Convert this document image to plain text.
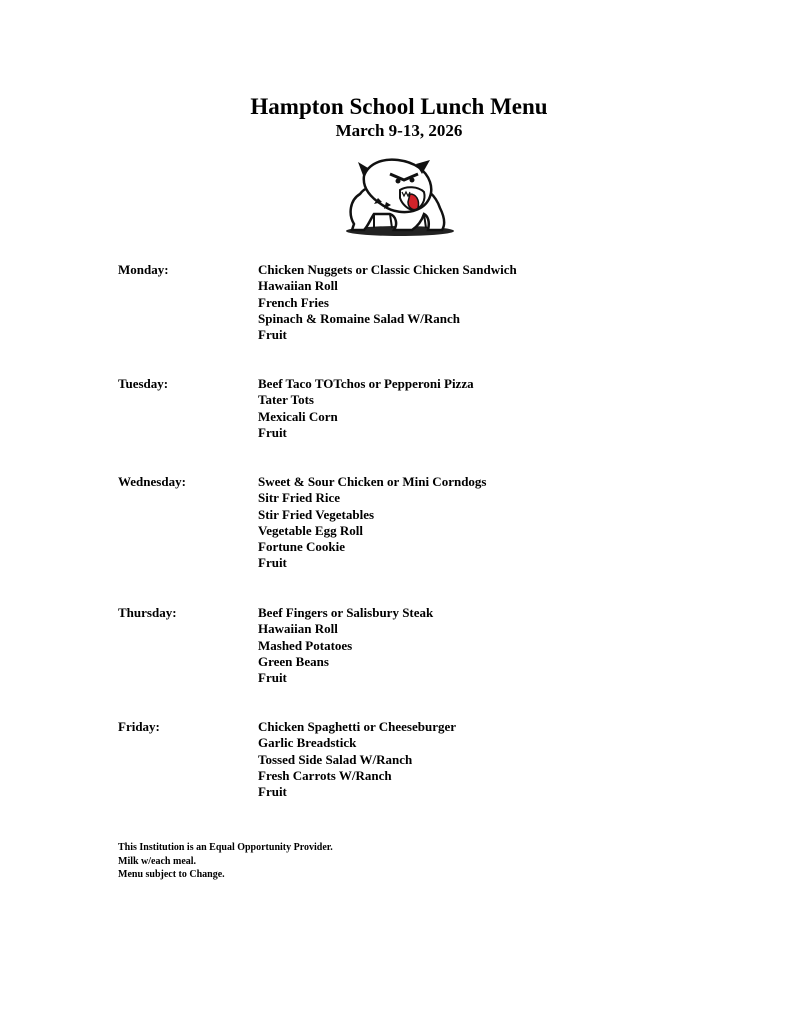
Hampton School Lunch Menu
March 9-13, 2026
Monday:	Chicken Nuggets or Classic Chicken Sandwich
Hawaiian Roll
French Fries
Spinach & Romaine Salad W/Ranch
Fruit
Tuesday:	Beef Taco TOTchos or Pepperoni Pizza
Tater Tots
Mexicali Corn
Fruit
Wednesday:	Sweet & Sour Chicken or Mini Corndogs
Sitr Fried Rice
Stir Fried Vegetables
Vegetable Egg Roll
Fortune Cookie
Fruit
Thursday:	Beef Fingers or Salisbury Steak
Hawaiian Roll
Mashed Potatoes
Green Beans
Fruit
Friday:	Chicken Spaghetti or Cheeseburger
Garlic Breadstick
Tossed Side Salad W/Ranch
Fresh Carrots W/Ranch
Fruit
This Institution is an Equal Opportunity Provider.
Milk w/each meal.
Menu subject to Change.
